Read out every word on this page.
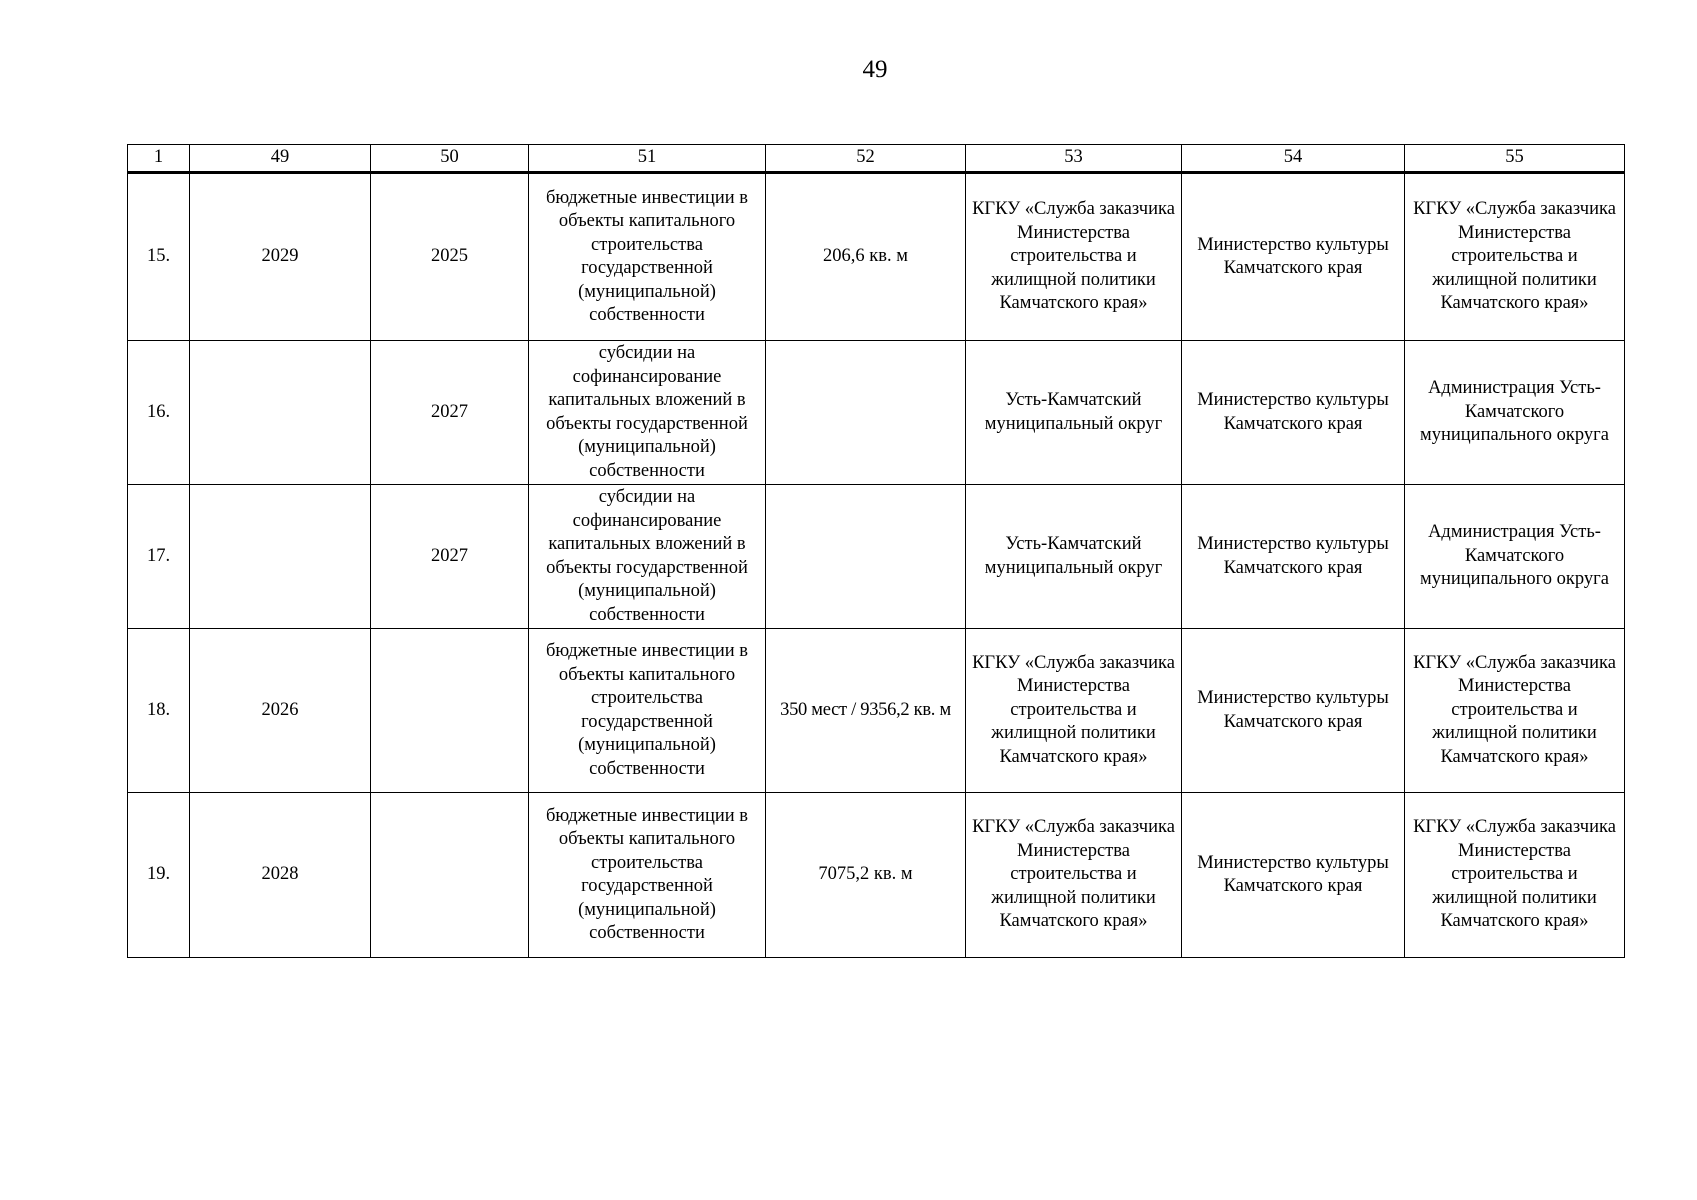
49
1	49	50	51	52	53	54	55
15.	2029	2025	бюджетные инвестиции в объекты капитального строительства государственной (муниципальной) собственности	206,6 кв. м	КГКУ «Служба заказчика Министерства строительства и жилищной политики Камчатского края»	Министерство культуры Камчатского края	КГКУ «Служба заказчика Министерства строительства и жилищной политики Камчатского края»
16.		2027	субсидии на софинансирование капитальных вложений в объекты государственной (муниципальной) собственности		Усть-Камчатский муниципальный округ	Министерство культуры Камчатского края	Администрация Усть-Камчатского муниципального округа
17.		2027	субсидии на софинансирование капитальных вложений в объекты государственной (муниципальной) собственности		Усть-Камчатский муниципальный округ	Министерство культуры Камчатского края	Администрация Усть-Камчатского муниципального округа
18.	2026		бюджетные инвестиции в объекты капитального строительства государственной (муниципальной) собственности	350 мест / 9356,2 кв. м	КГКУ «Служба заказчика Министерства строительства и жилищной политики Камчатского края»	Министерство культуры Камчатского края	КГКУ «Служба заказчика Министерства строительства и жилищной политики Камчатского края»
19.	2028		бюджетные инвестиции в объекты капитального строительства государственной (муниципальной) собственности	7075,2 кв. м	КГКУ «Служба заказчика Министерства строительства и жилищной политики Камчатского края»	Министерство культуры Камчатского края	КГКУ «Служба заказчика Министерства строительства и жилищной политики Камчатского края»
